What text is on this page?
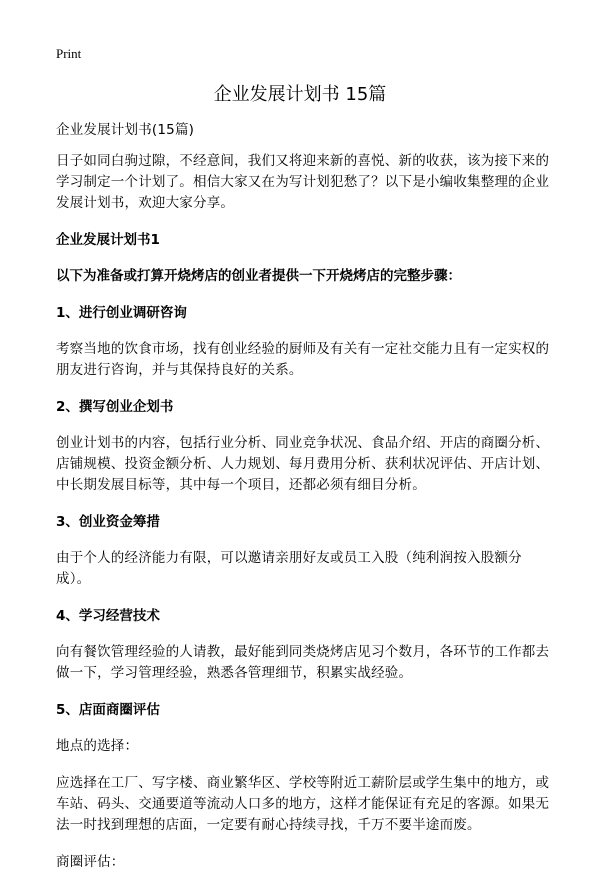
Print
企业发展计划书 15篇

企业发展计划书(15篇)

日子如同白驹过隙，不经意间，我们又将迎来新的喜悦、新的收获，该为接下来的学习制定一个计划了。相信大家又在为写计划犯愁了？以下是小编收集整理的企业发展计划书，欢迎大家分享。

企业发展计划书1
以下为准备或打算开烧烤店的创业者提供一下开烧烤店的完整步骤：
1、进行创业调研咨询

考察当地的饮食市场，找有创业经验的厨师及有关有一定社交能力且有一定实权的朋友进行咨询，并与其保持良好的关系。

2、撰写创业企划书

创业计划书的内容，包括行业分析、同业竞争状况、食品介绍、开店的商圈分析、店铺规模、投资金额分析、人力规划、每月费用分析、获利状况评估、开店计划、中长期发展目标等，其中每一个项目，还都必须有细目分析。

3、创业资金筹措

由于个人的经济能力有限，可以邀请亲朋好友或员工入股（纯利润按入股额分成）。

4、学习经营技术

向有餐饮管理经验的人请教，最好能到同类烧烤店见习个数月，各环节的工作都去做一下，学习管理经验，熟悉各管理细节，积累实战经验。

5、店面商圈评估

地点的选择：

应选择在工厂、写字楼、商业繁华区、学校等附近工薪阶层或学生集中的地方，或车站、码头、交通要道等流动人口多的地方，这样才能保证有充足的客源。如果无法一时找到理想的店面，一定要有耐心持续寻找，千万不要半途而废。

商圈评估：
